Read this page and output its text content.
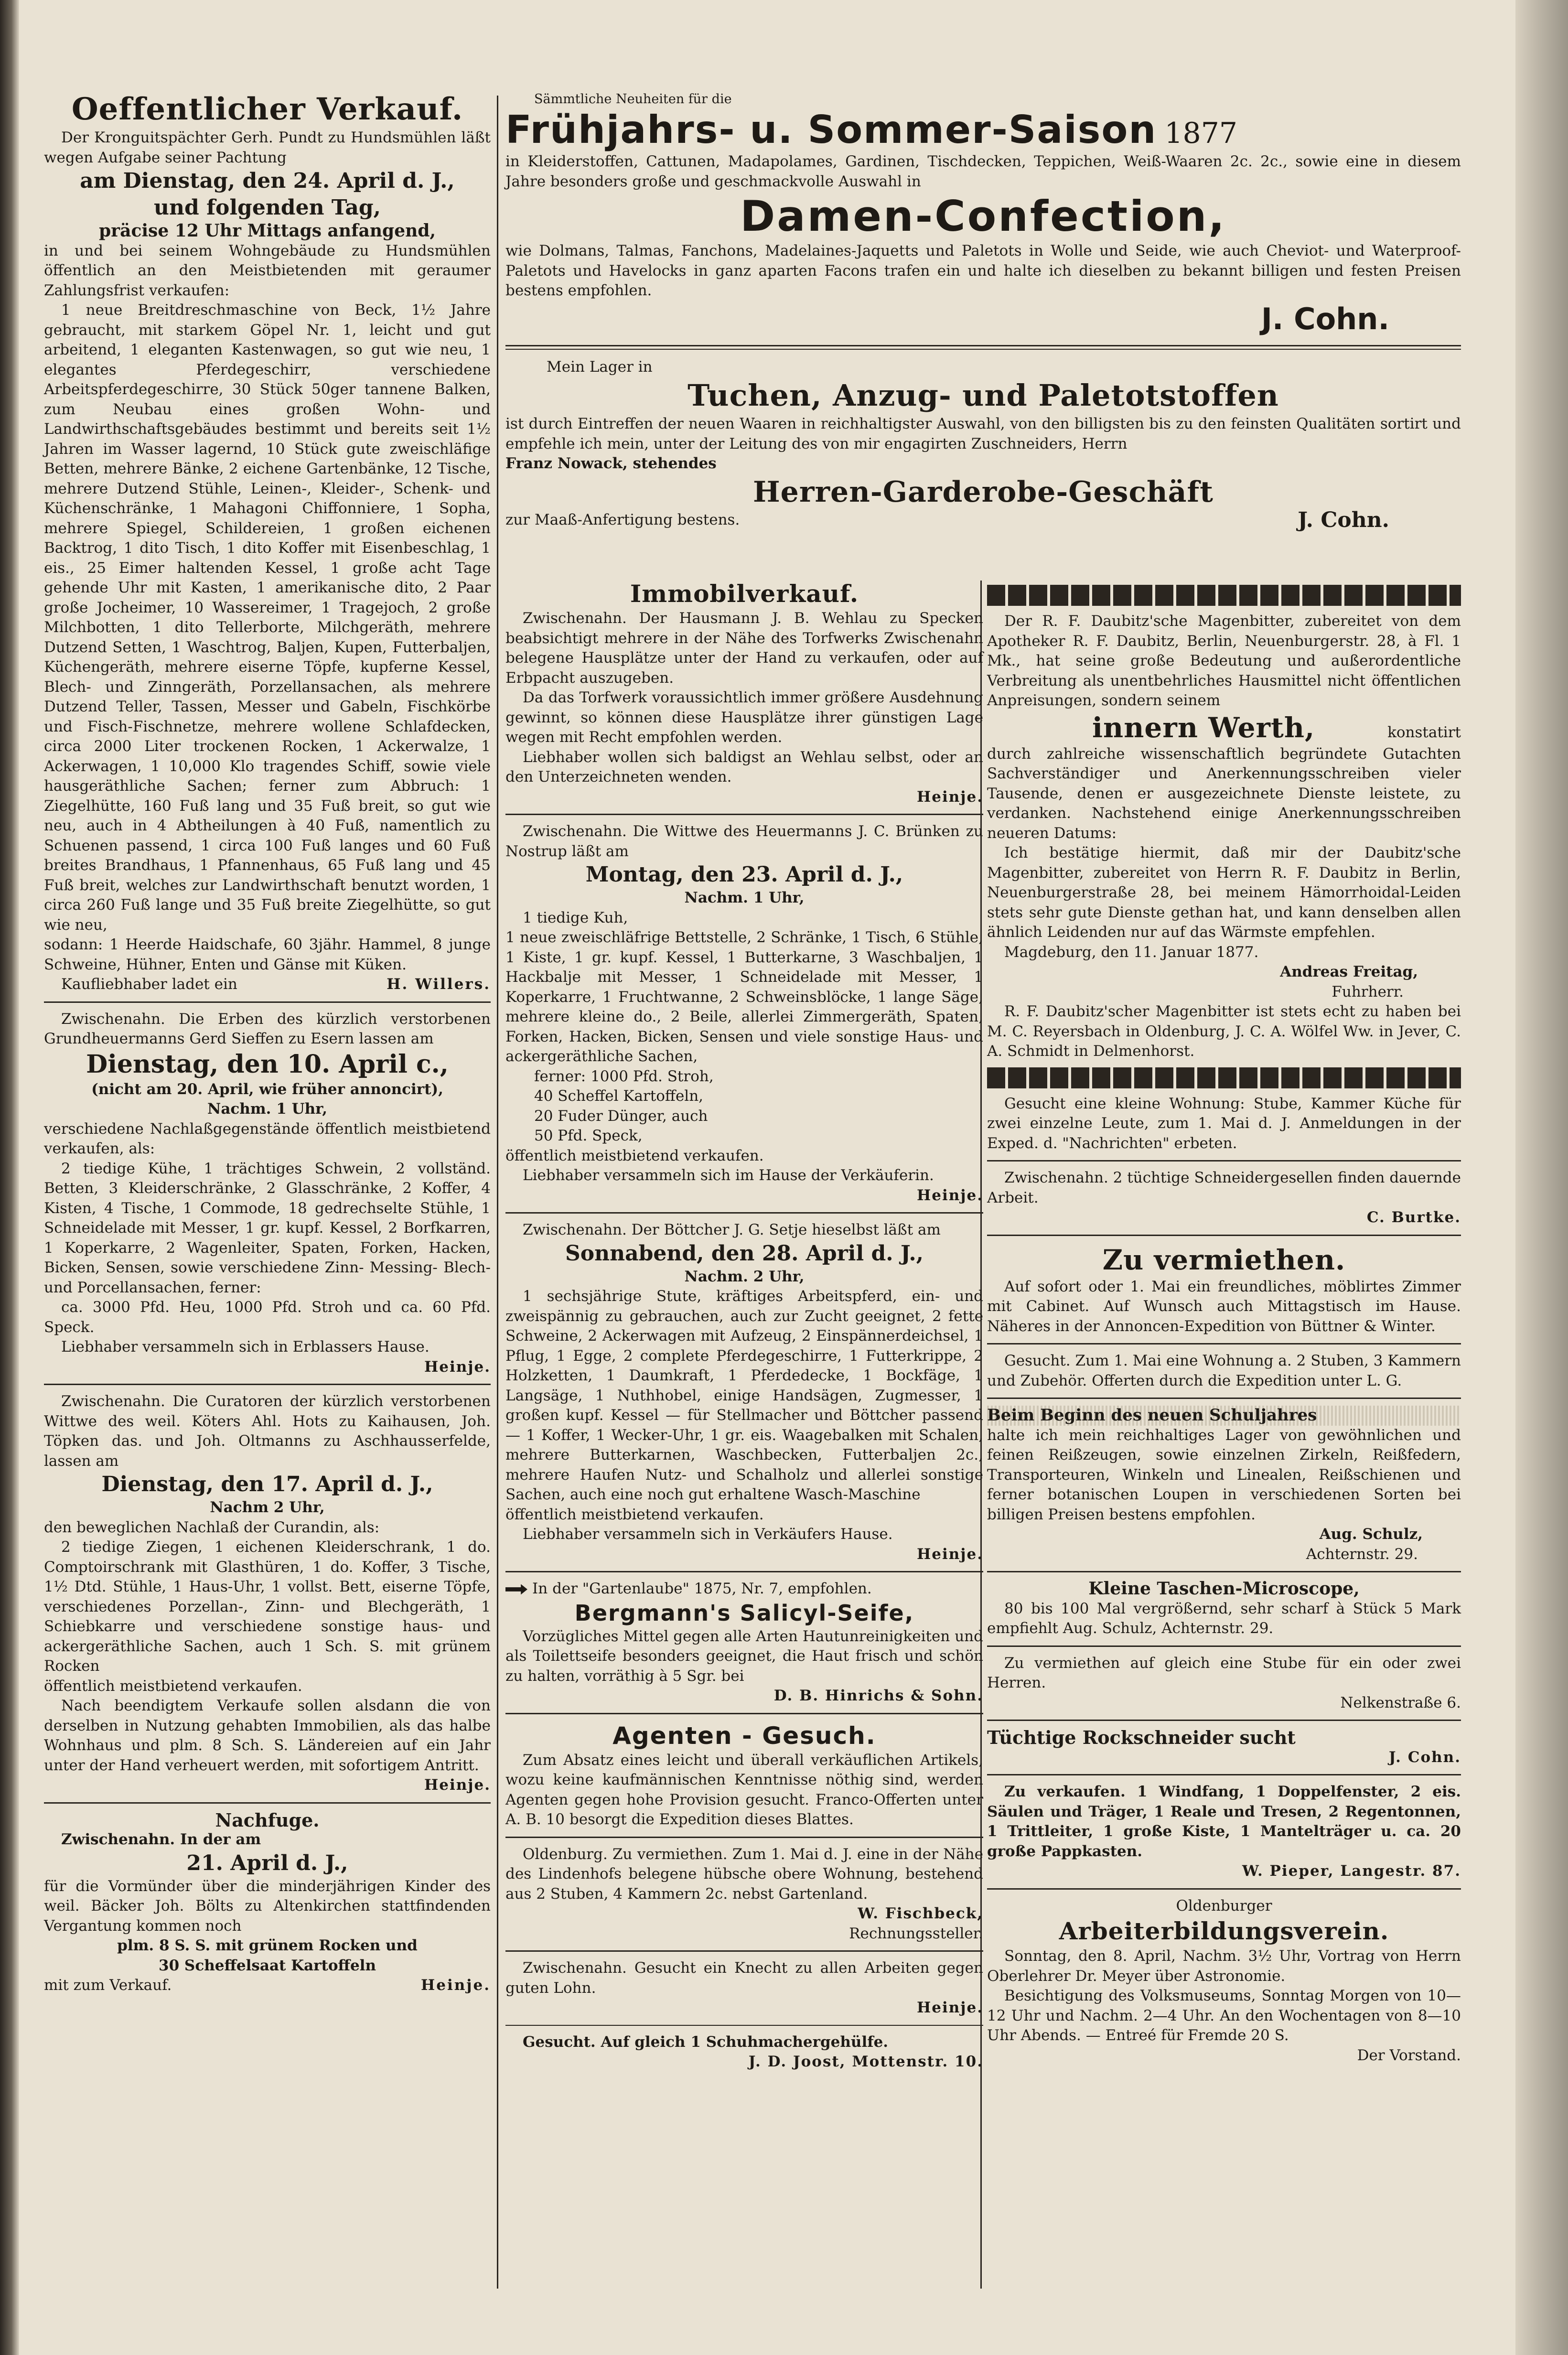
Oeffentlicher Verkauf.

Der Kronguitspächter Gerh. Pundt zu Hundsmühlen läßt wegen Aufgabe seiner Pachtung

am Dienstag, den 24. April d. J.,

und folgenden Tag,

präcise 12 Uhr Mittags anfangend,

in und bei seinem Wohngebäude zu Hundsmühlen öffentlich an den Meistbietenden mit geraumer Zahlungsfrist verkaufen:

1 neue Breitdreschmaschine von Beck, 1½ Jahre gebraucht, mit starkem Göpel Nr. 1, leicht und gut arbeitend, 1 eleganten Kastenwagen, so gut wie neu, 1 elegantes Pferdegeschirr, verschiedene Arbeitspferdegeschirre, 30 Stück 50ger tannene Balken, zum Neubau eines großen Wohn- und Landwirthschaftsgebäudes bestimmt und bereits seit 1½ Jahren im Wasser lagernd, 10 Stück gute zweischläfige Betten, mehrere Bänke, 2 eichene Gartenbänke, 12 Tische, mehrere Dutzend Stühle, Leinen-, Kleider-, Schenk- und Küchenschränke, 1 Mahagoni Chiffonniere, 1 Sopha, mehrere Spiegel, Schildereien, 1 großen eichenen Backtrog, 1 dito Tisch, 1 dito Koffer mit Eisenbeschlag, 1 eis., 25 Eimer haltenden Kessel, 1 große acht Tage gehende Uhr mit Kasten, 1 amerikanische dito, 2 Paar große Jocheimer, 10 Wassereimer, 1 Tragejoch, 2 große Milchbotten, 1 dito Tellerborte, Milchgeräth, mehrere Dutzend Setten, 1 Waschtrog, Baljen, Kupen, Futterbaljen, Küchengeräth, mehrere eiserne Töpfe, kupferne Kessel, Blech- und Zinngeräth, Porzellansachen, als mehrere Dutzend Teller, Tassen, Messer und Gabeln, Fischkörbe und Fisch-Fischnetze, mehrere wollene Schlafdecken, circa 2000 Liter trockenen Rocken, 1 Ackerwalze, 1 Ackerwagen, 1 10,000 Klo tragendes Schiff, sowie viele hausgeräthliche Sachen; ferner zum Abbruch: 1 Ziegelhütte, 160 Fuß lang und 35 Fuß breit, so gut wie neu, auch in 4 Abtheilungen à 40 Fuß, namentlich zu Schuenen passend, 1 circa 100 Fuß langes und 60 Fuß breites Brandhaus, 1 Pfannenhaus, 65 Fuß lang und 45 Fuß breit, welches zur Landwirthschaft benutzt worden, 1 circa 260 Fuß lange und 35 Fuß breite Ziegelhütte, so gut wie neu,

sodann: 1 Heerde Haidschafe, 60 3jähr. Hammel, 8 junge Schweine, Hühner, Enten und Gänse mit Küken.

Kaufliebhaber ladet ein	H. Willers.

Zwischenahn. Die Erben des kürzlich verstorbenen Grundheuermanns Gerd Sieffen zu Esern lassen am

Dienstag, den 10. April c.,

(nicht am 20. April, wie früher annoncirt),

Nachm. 1 Uhr,

verschiedene Nachlaßgegenstände öffentlich meistbietend verkaufen, als:

2 tiedige Kühe, 1 trächtiges Schwein, 2 vollständ. Betten, 3 Kleiderschränke, 2 Glasschränke, 2 Koffer, 4 Kisten, 4 Tische, 1 Commode, 18 gedrechselte Stühle, 1 Schneidelade mit Messer, 1 gr. kupf. Kessel, 2 Borfkarren, 1 Koperkarre, 2 Wagenleiter, Spaten, Forken, Hacken, Bicken, Sensen, sowie verschiedene Zinn- Messing- Blech- und Porcellansachen, ferner:

ca. 3000 Pfd. Heu, 1000 Pfd. Stroh und ca. 60 Pfd. Speck.

Liebhaber versammeln sich in Erblassers Hause.

Heinje.

Zwischenahn. Die Curatoren der kürzlich verstorbenen Wittwe des weil. Köters Ahl. Hots zu Kaihausen, Joh. Töpken das. und Joh. Oltmanns zu Aschhausserfelde, lassen am

Dienstag, den 17. April d. J.,

Nachm 2 Uhr,

den beweglichen Nachlaß der Curandin, als:

2 tiedige Ziegen, 1 eichenen Kleiderschrank, 1 do. Comptoirschrank mit Glasthüren, 1 do. Koffer, 3 Tische, 1½ Dtd. Stühle, 1 Haus-Uhr, 1 vollst. Bett, eiserne Töpfe, verschiedenes Porzellan-, Zinn- und Blechgeräth, 1 Schiebkarre und verschiedene sonstige haus- und ackergeräthliche Sachen, auch 1 Sch. S. mit grünem Rocken

öffentlich meistbietend verkaufen.

Nach beendigtem Verkaufe sollen alsdann die von derselben in Nutzung gehabten Immobilien, als das halbe Wohnhaus und plm. 8 Sch. S. Ländereien auf ein Jahr unter der Hand verheuert werden, mit sofortigem Antritt.

Heinje.

Nachfuge.

Zwischenahn. In der am

21. April d. J.,

für die Vormünder über die minderjährigen Kinder des weil. Bäcker Joh. Bölts zu Altenkirchen stattfindenden Vergantung kommen noch

plm. 8 S. S. mit grünem Rocken und

30 Scheffelsaat Kartoffeln

mit zum Verkauf.	Heinje.

Sämmtliche Neuheiten für die

Frühjahrs- u. Sommer-Saison 1877

in Kleiderstoffen, Cattunen, Madapolames, Gardinen, Tischdecken, Teppichen, Weiß-Waaren 2c. 2c., sowie eine in diesem Jahre besonders große und geschmackvolle Auswahl in

Damen-Confection,

wie Dolmans, Talmas, Fanchons, Madelaines-Jaquetts und Paletots in Wolle und Seide, wie auch Cheviot- und Waterproof-Paletots und Havelocks in ganz aparten Facons trafen ein und halte ich dieselben zu bekannt billigen und festen Preisen bestens empfohlen.

J. Cohn.

Mein Lager in

Tuchen, Anzug- und Paletotstoffen

ist durch Eintreffen der neuen Waaren in reichhaltigster Auswahl, von den billigsten bis zu den feinsten Qualitäten sortirt und empfehle ich mein, unter der Leitung des von mir engagirten Zuschneiders, Herrn

Franz Nowack, stehendes

Herren-Garderobe-Geschäft

zur Maaß-Anfertigung bestens.	J. Cohn.

Immobilverkauf.

Zwischenahn. Der Hausmann J. B. Wehlau zu Specken beabsichtigt mehrere in der Nähe des Torfwerks Zwischenahn belegene Hausplätze unter der Hand zu verkaufen, oder auf Erbpacht auszugeben.

Da das Torfwerk voraussichtlich immer größere Ausdehnung gewinnt, so können diese Hausplätze ihrer günstigen Lage wegen mit Recht empfohlen werden.

Liebhaber wollen sich baldigst an Wehlau selbst, oder an den Unterzeichneten wenden.

Heinje.

Zwischenahn. Die Wittwe des Heuermanns J. C. Brünken zu Nostrup läßt am

Montag, den 23. April d. J.,

Nachm. 1 Uhr,

1 tiedige Kuh,
1 neue zweischläfrige Bettstelle, 2 Schränke, 1 Tisch, 6 Stühle, 1 Kiste, 1 gr. kupf. Kessel, 1 Butterkarne, 3 Waschbaljen, 1 Hackbalje mit Messer, 1 Schneidelade mit Messer, 1 Koperkarre, 1 Fruchtwanne, 2 Schweinsblöcke, 1 lange Säge, mehrere kleine do., 2 Beile, allerlei Zimmergeräth, Spaten, Forken, Hacken, Bicken, Sensen und viele sonstige Haus- und ackergeräthliche Sachen,

ferner: 1000 Pfd. Stroh,
40 Scheffel Kartoffeln,
20 Fuder Dünger, auch
50 Pfd. Speck,

öffentlich meistbietend verkaufen.

Liebhaber versammeln sich im Hause der Verkäuferin.

Heinje.

Zwischenahn. Der Böttcher J. G. Setje hieselbst läßt am

Sonnabend, den 28. April d. J.,

Nachm. 2 Uhr,

1 sechsjährige Stute, kräftiges Arbeitspferd, ein- und zweispännig zu gebrauchen, auch zur Zucht geeignet, 2 fette Schweine, 2 Ackerwagen mit Aufzeug, 2 Einspännerdeichsel, 1 Pflug, 1 Egge, 2 complete Pferdegeschirre, 1 Futterkrippe, 2 Holzketten, 1 Daumkraft, 1 Pferdedecke, 1 Bockfäge, 1 Langsäge, 1 Nuthhobel, einige Handsägen, Zugmesser, 1 großen kupf. Kessel — für Stellmacher und Böttcher passend — 1 Koffer, 1 Wecker-Uhr, 1 gr. eis. Waagebalken mit Schalen, mehrere Butterkarnen, Waschbecken, Futterbaljen 2c., mehrere Haufen Nutz- und Schalholz und allerlei sonstige Sachen, auch eine noch gut erhaltene Wasch-Maschine

öffentlich meistbietend verkaufen.

Liebhaber versammeln sich in Verkäufers Hause.

Heinje.

In der "Gartenlaube" 1875, Nr. 7, empfohlen.

Bergmann's Salicyl-Seife,

Vorzügliches Mittel gegen alle Arten Hautunreinigkeiten und als Toilettseife besonders geeignet, die Haut frisch und schön zu halten, vorräthig à 5 Sgr. bei

D. B. Hinrichs & Sohn.

Agenten - Gesuch.

Zum Absatz eines leicht und überall verkäuflichen Artikels, wozu keine kaufmännischen Kenntnisse nöthig sind, werden Agenten gegen hohe Provision gesucht. Franco-Offerten unter A. B. 10 besorgt die Expedition dieses Blattes.

Oldenburg. Zu vermiethen. Zum 1. Mai d. J. eine in der Nähe des Lindenhofs belegene hübsche obere Wohnung, bestehend aus 2 Stuben, 4 Kammern 2c. nebst Gartenland.

W. Fischbeck,

Rechnungssteller.

Zwischenahn. Gesucht ein Knecht zu allen Arbeiten gegen guten Lohn.

Heinje.

Gesucht. Auf gleich 1 Schuhmachergehülfe.

J. D. Joost, Mottenstr. 10.

Der R. F. Daubitz'sche Magenbitter, zubereitet von dem Apotheker R. F. Daubitz, Berlin, Neuenburgerstr. 28, à Fl. 1 Mk., hat seine große Bedeutung und außerordentliche Verbreitung als unentbehrliches Hausmittel nicht öffentlichen Anpreisungen, sondern seinem

innern Werth,	konstatirt

durch zahlreiche wissenschaftlich begründete Gutachten Sachverständiger und Anerkennungsschreiben vieler Tausende, denen er ausgezeichnete Dienste leistete, zu verdanken. Nachstehend einige Anerkennungsschreiben neueren Datums:

Ich bestätige hiermit, daß mir der Daubitz'sche Magenbitter, zubereitet von Herrn R. F. Daubitz in Berlin, Neuenburgerstraße 28, bei meinem Hämorrhoidal-Leiden stets sehr gute Dienste gethan hat, und kann denselben allen ähnlich Leidenden nur auf das Wärmste empfehlen.

Magdeburg, den 11. Januar 1877.

Andreas Freitag,

Fuhrherr.

R. F. Daubitz'scher Magenbitter ist stets echt zu haben bei M. C. Reyersbach in Oldenburg, J. C. A. Wölfel Ww. in Jever, C. A. Schmidt in Delmenhorst.

Gesucht eine kleine Wohnung: Stube, Kammer Küche für zwei einzelne Leute, zum 1. Mai d. J. Anmeldungen in der Exped. d. "Nachrichten" erbeten.

Zwischenahn. 2 tüchtige Schneidergesellen finden dauernde Arbeit.

C. Burtke.

Zu vermiethen.

Auf sofort oder 1. Mai ein freundliches, möblirtes Zimmer mit Cabinet. Auf Wunsch auch Mittagstisch im Hause. Näheres in der Annoncen-Expedition von Büttner & Winter.

Gesucht. Zum 1. Mai eine Wohnung a. 2 Stuben, 3 Kammern und Zubehör. Offerten durch die Expedition unter L. G.

Beim Beginn des neuen Schuljahres

halte ich mein reichhaltiges Lager von gewöhnlichen und feinen Reißzeugen, sowie einzelnen Zirkeln, Reißfedern, Transporteuren, Winkeln und Linealen, Reißschienen und ferner botanischen Loupen in verschiedenen Sorten bei billigen Preisen bestens empfohlen.

Aug. Schulz,

Achternstr. 29.

Kleine Taschen-Microscope,

80 bis 100 Mal vergrößernd, sehr scharf à Stück 5 Mark empfiehlt Aug. Schulz, Achternstr. 29.

Zu vermiethen auf gleich eine Stube für ein oder zwei Herren.

Nelkenstraße 6.

Tüchtige Rockschneider sucht

J. Cohn.

Zu verkaufen. 1 Windfang, 1 Doppelfenster, 2 eis. Säulen und Träger, 1 Reale und Tresen, 2 Regentonnen, 1 Trittleiter, 1 große Kiste, 1 Mantelträger u. ca. 20 große Pappkasten.

W. Pieper, Langestr. 87.

Oldenburger

Arbeiterbildungsverein.

Sonntag, den 8. April, Nachm. 3½ Uhr, Vortrag von Herrn Oberlehrer Dr. Meyer über Astronomie.

Besichtigung des Volksmuseums, Sonntag Morgen von 10—12 Uhr und Nachm. 2—4 Uhr. An den Wochentagen von 8—10 Uhr Abends. — Entreé für Fremde 20 S.

Der Vorstand.
